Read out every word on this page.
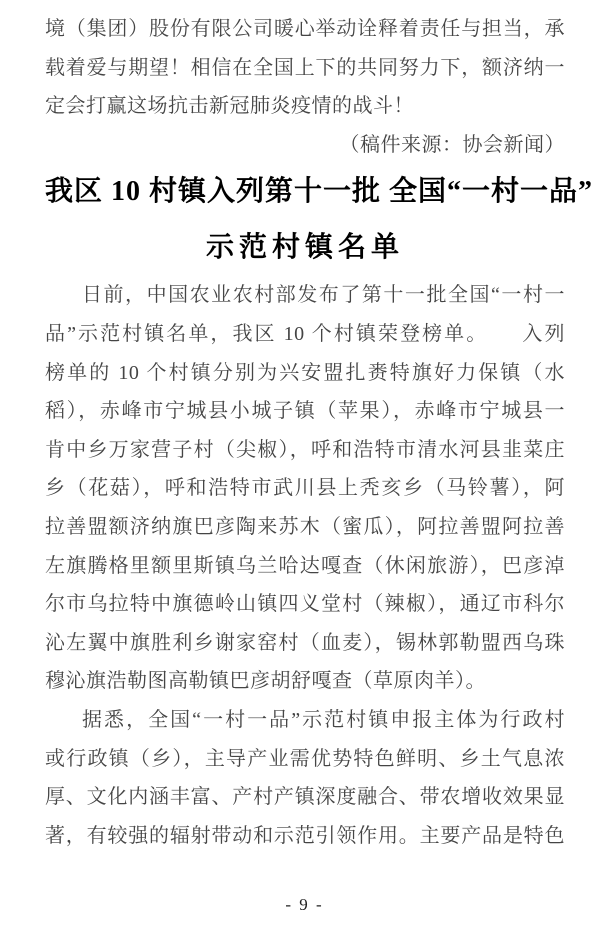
境（集团）股份有限公司暖心举动诠释着责任与担当，承
载着爱与期望！相信在全国上下的共同努力下，额济纳一
定会打赢这场抗击新冠肺炎疫情的战斗！
（稿件来源：协会新闻）
我区 10 村镇入列第十一批 全国“一村一品”
示范村镇名单
日前，中国农业农村部发布了第十一批全国“一村一
品”示范村镇名单，我区 10 个村镇荣登榜单。　　入列
榜单的 10 个村镇分别为兴安盟扎赉特旗好力保镇（水
稻），赤峰市宁城县小城子镇（苹果），赤峰市宁城县一
肯中乡万家营子村（尖椒），呼和浩特市清水河县韭菜庄
乡（花菇），呼和浩特市武川县上秃亥乡（马铃薯），阿
拉善盟额济纳旗巴彦陶来苏木（蜜瓜），阿拉善盟阿拉善
左旗腾格里额里斯镇乌兰哈达嘎查（休闲旅游），巴彦淖
尔市乌拉特中旗德岭山镇四义堂村（辣椒），通辽市科尔
沁左翼中旗胜利乡谢家窑村（血麦），锡林郭勒盟西乌珠
穆沁旗浩勒图高勒镇巴彦胡舒嘎查（草原肉羊）。
据悉，全国“一村一品”示范村镇申报主体为行政村
或行政镇（乡），主导产业需优势特色鲜明、乡土气息浓
厚、文化内涵丰富、产村产镇深度融合、带农增收效果显
著，有较强的辐射带动和示范引领作用。主要产品是特色
- 9 -
